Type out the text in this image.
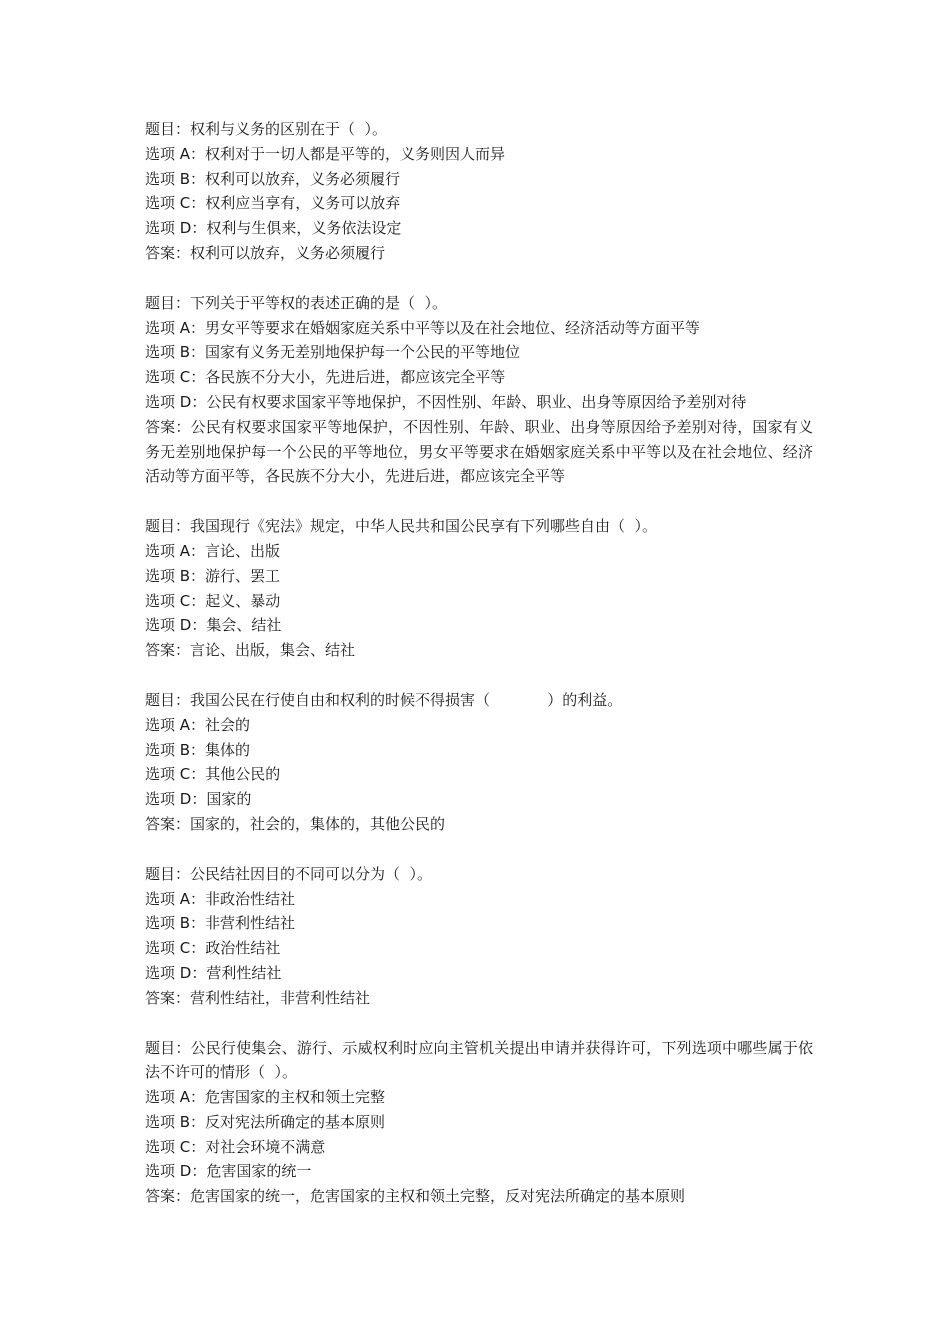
题目：权利与义务的区别在于（  ）。
选项 A：权利对于一切人都是平等的，义务则因人而异
选项 B：权利可以放弃，义务必须履行
选项 C：权利应当享有，义务可以放弃
选项 D：权利与生俱来，义务依法设定
答案：权利可以放弃，义务必须履行
题目：下列关于平等权的表述正确的是（  ）。
选项 A：男女平等要求在婚姻家庭关系中平等以及在社会地位、经济活动等方面平等
选项 B：国家有义务无差别地保护每一个公民的平等地位
选项 C：各民族不分大小，先进后进，都应该完全平等
选项 D：公民有权要求国家平等地保护，不因性别、年龄、职业、出身等原因给予差别对待
答案：公民有权要求国家平等地保护，不因性别、年龄、职业、出身等原因给予差别对待，国家有义务无差别地保护每一个公民的平等地位，男女平等要求在婚姻家庭关系中平等以及在社会地位、经济活动等方面平等，各民族不分大小，先进后进，都应该完全平等
题目：我国现行《宪法》规定，中华人民共和国公民享有下列哪些自由（  ）。
选项 A：言论、出版
选项 B：游行、罢工
选项 C：起义、暴动
选项 D：集会、结社
答案：言论、出版，集会、结社
题目：我国公民在行使自由和权利的时候不得损害（            ）的利益。
选项 A：社会的
选项 B：集体的
选项 C：其他公民的
选项 D：国家的
答案：国家的，社会的，集体的，其他公民的
题目：公民结社因目的不同可以分为（  ）。
选项 A：非政治性结社
选项 B：非营利性结社
选项 C：政治性结社
选项 D：营利性结社
答案：营利性结社，非营利性结社
题目：公民行使集会、游行、示威权利时应向主管机关提出申请并获得许可，下列选项中哪些属于依法不许可的情形（  ）。
选项 A：危害国家的主权和领土完整
选项 B：反对宪法所确定的基本原则
选项 C：对社会环境不满意
选项 D：危害国家的统一
答案：危害国家的统一，危害国家的主权和领土完整，反对宪法所确定的基本原则
